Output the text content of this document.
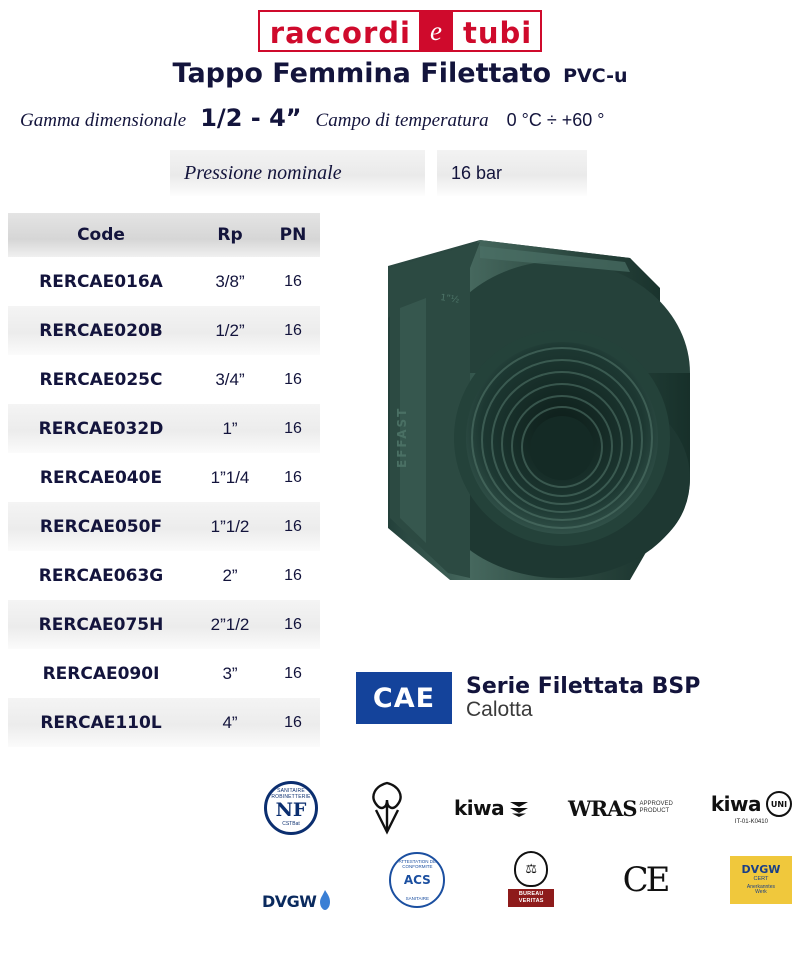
raccordi e tubi
Tappo Femmina Filettato PVC-u
Gamma dimensionale 1/2 - 4” Campo di temperatura 0 °C ÷ +60 °
Pressione nominale	16 bar
Code	Rp	PN
RERCAE016A	3/8”	16
RERCAE020B	1/2”	16
RERCAE025C	3/4”	16
RERCAE032D	1”	16
RERCAE040E	1”1/4	16
RERCAE050F	1”1/2	16
RERCAE063G	2”	16
RERCAE075H	2”1/2	16
RERCAE090I	3”	16
RERCAE110L	4”	16
1”½
EFFAST
CAE	Serie Filettata BSP
Calotta
SANITAIRE ROBINETTERIE
NF
CSTBat
kiwa	WRAS APPROVED
PRODUCT kiwa	UNI
IT-01-K0410
DVGW
ATTESTATION DE CONFORMITE
ACS
SANITAIRE
⚖
BUREAU VERITAS
CE	DVGW
CERT
Anerkanntes
Werk
